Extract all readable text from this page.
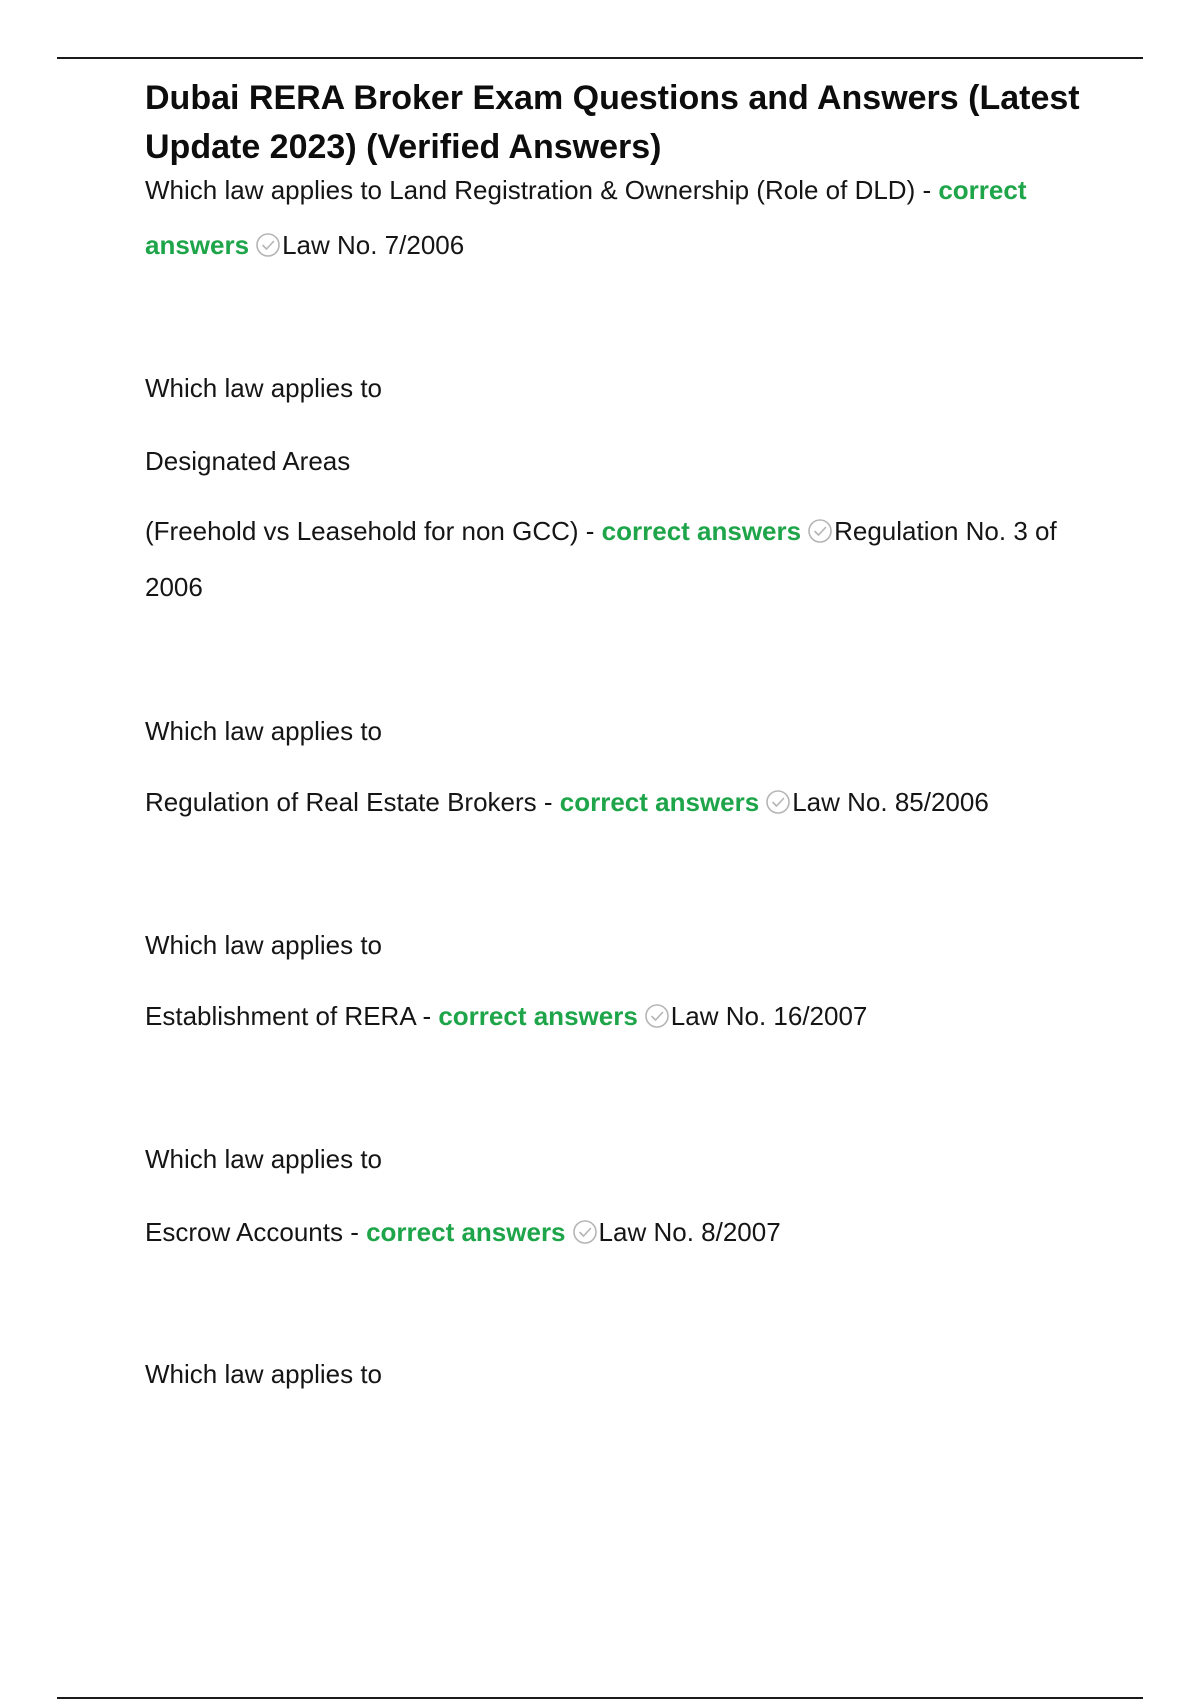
Dubai RERA Broker Exam Questions and Answers (Latest Update 2023) (Verified Answers)
Which law applies to Land Registration & Ownership (Role of DLD) - correct
answers Law No. 7/2006
Which law applies to
Designated Areas
(Freehold vs Leasehold for non GCC) - correct answers Regulation No. 3 of
2006
Which law applies to
Regulation of Real Estate Brokers - correct answers Law No. 85/2006
Which law applies to
Establishment of RERA - correct answers Law No. 16/2007
Which law applies to
Escrow Accounts - correct answers Law No. 8/2007
Which law applies to
